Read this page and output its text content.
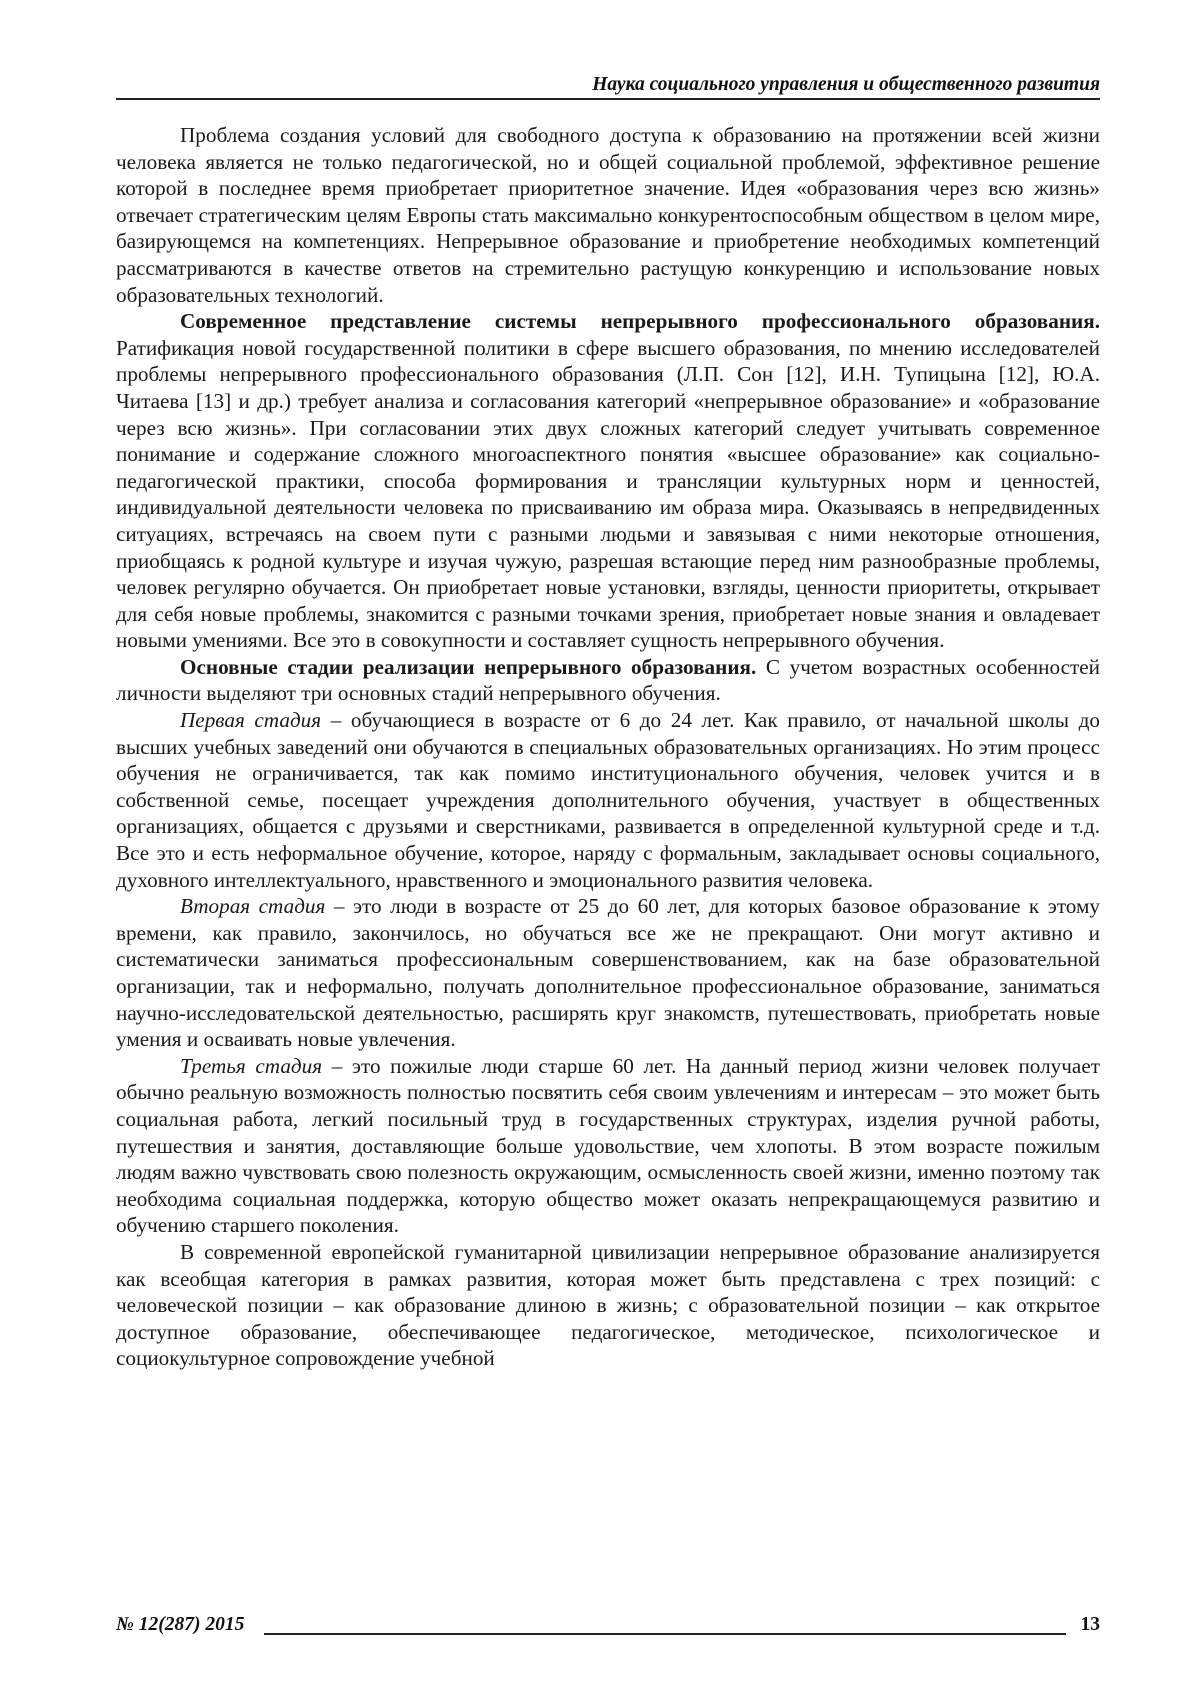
Наука социального управления и общественного развития

Проблема создания условий для свободного доступа к образованию на протяжении всей жизни человека является не только педагогической, но и общей социальной проблемой, эффективное решение которой в последнее время приобретает приоритетное значение. Идея «образования через всю жизнь» отвечает стратегическим целям Европы стать максимально конкурентоспособным обществом в целом мире, базирующемся на компетенциях. Непрерывное образование и приобретение необходимых компетенций рассматриваются в качестве ответов на стремительно растущую конкуренцию и использование новых образовательных технологий.

Современное представление системы непрерывного профессионального образования. Ратификация новой государственной политики в сфере высшего образования, по мнению исследователей проблемы непрерывного профессионального образования (Л.П. Сон [12], И.Н. Тупицына [12], Ю.А. Читаева [13] и др.) требует анализа и согласования категорий «непрерывное образование» и «образование через всю жизнь». При согласовании этих двух сложных категорий следует учитывать современное понимание и содержание сложного многоаспектного понятия «высшее образование» как социально-педагогической практики, способа формирования и трансляции культурных норм и ценностей, индивидуальной деятельности человека по присваиванию им образа мира. Оказываясь в непредвиденных ситуациях, встречаясь на своем пути с разными людьми и завязывая с ними некоторые отношения, приобщаясь к родной культуре и изучая чужую, разрешая встающие перед ним разнообразные проблемы, человек регулярно обучается. Он приобретает новые установки, взгляды, ценности приоритеты, открывает для себя новые проблемы, знакомится с разными точками зрения, приобретает новые знания и овладевает новыми умениями. Все это в совокупности и составляет сущность непрерывного обучения.

Основные стадии реализации непрерывного образования. С учетом возрастных особенностей личности выделяют три основных стадий непрерывного обучения.

Первая стадия – обучающиеся в возрасте от 6 до 24 лет. Как правило, от начальной школы до высших учебных заведений они обучаются в специальных образовательных организациях. Но этим процесс обучения не ограничивается, так как помимо институционального обучения, человек учится и в собственной семье, посещает учреждения дополнительного обучения, участвует в общественных организациях, общается с друзьями и сверстниками, развивается в определенной культурной среде и т.д. Все это и есть неформальное обучение, которое, наряду с формальным, закладывает основы социального, духовного интеллектуального, нравственного и эмоционального развития человека.

Вторая стадия – это люди в возрасте от 25 до 60 лет, для которых базовое образование к этому времени, как правило, закончилось, но обучаться все же не прекращают. Они могут активно и систематически заниматься профессиональным совершенствованием, как на базе образовательной организации, так и неформально, получать дополнительное профессиональное образование, заниматься научно-исследовательской деятельностью, расширять круг знакомств, путешествовать, приобретать новые умения и осваивать новые увлечения.

Третья стадия – это пожилые люди старше 60 лет. На данный период жизни человек получает обычно реальную возможность полностью посвятить себя своим увлечениям и интересам – это может быть социальная работа, легкий посильный труд в государственных структурах, изделия ручной работы, путешествия и занятия, доставляющие больше удовольствие, чем хлопоты. В этом возрасте пожилым людям важно чувствовать свою полезность окружающим, осмысленность своей жизни, именно поэтому так необходима социальная поддержка, которую общество может оказать непрекращающемуся развитию и обучению старшего поколения.

В современной европейской гуманитарной цивилизации непрерывное образование анализируется как всеобщая категория в рамках развития, которая может быть представлена с трех позиций: с человеческой позиции – как образование длиною в жизнь; с образовательной позиции – как открытое доступное образование, обеспечивающее педагогическое, методическое, психологическое и социокультурное сопровождение учебной

№ 12(287) 2015	13
